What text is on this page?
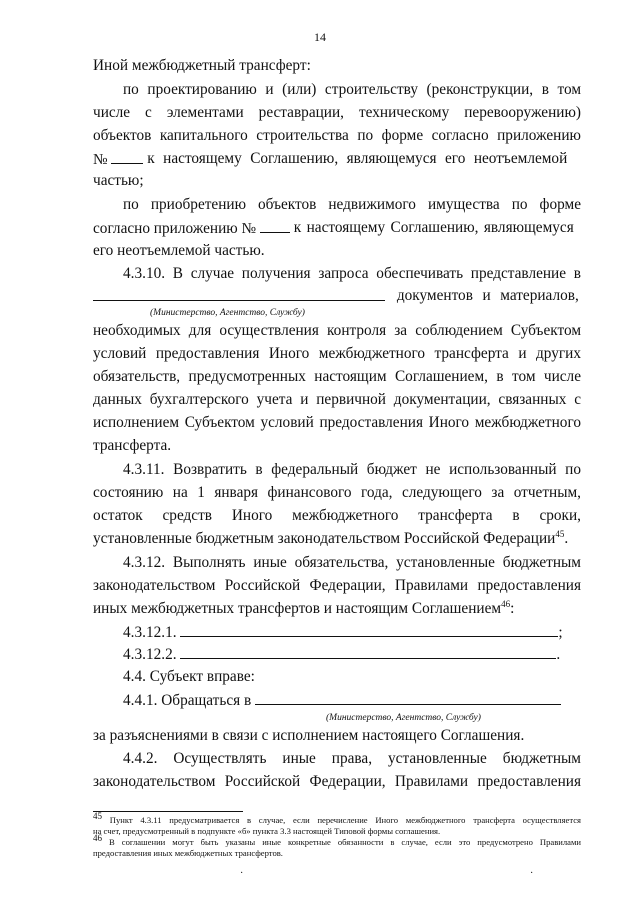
14
Иной межбюджетный трансферт:
по проектированию и (или) строительству (реконструкции, в том
числе с элементами реставрации, техническому перевооружению)
объектов капитального строительства по форме согласно приложению
№	к настоящему Соглашению, являющемуся его неотъемлемой
частью;
по приобретению объектов недвижимого имущества по форме
согласно приложению № к настоящему Соглашению, являющемуся
его неотъемлемой частью.
4.3.10. В случае получения запроса обеспечивать представление в
документов и материалов,
(Министерство, Агентство, Службу)
необходимых для осуществления контроля за соблюдением Субъектом
условий предоставления Иного межбюджетного трансферта и других
обязательств, предусмотренных настоящим Соглашением, в том числе
данных бухгалтерского учета и первичной документации, связанных с
исполнением Субъектом условий предоставления Иного межбюджетного
трансферта.
4.3.11. Возвратить в федеральный бюджет не использованный по
состоянию на 1 января финансового года, следующего за отчетным,
остаток средств Иного межбюджетного трансферта в сроки,
установленные бюджетным законодательством Российской Федерации$^{45}$.
4.3.12. Выполнять иные обязательства, установленные бюджетным
законодательством Российской Федерации, Правилами предоставления
иных межбюджетных трансфертов и настоящим Соглашением$^{46}$:
4.3.12.1.	;
4.3.12.2.	.
4.4. Субъект вправе:
4.4.1. Обращаться в
(Министерство, Агентство, Службу)
за разъяснениями в связи с исполнением настоящего Соглашения.
4.4.2. Осуществлять иные права, установленные бюджетным
законодательством Российской Федерации, Правилами предоставления
45 Пункт 4.3.11 предусматривается в случае, если перечисление Иного межбюджетного трансферта осуществляется
на счет, предусмотренный в подпункте «б» пункта 3.3 настоящей Типовой формы соглашения.
46 В соглашении могут быть указаны иные конкретные обязанности в случае, если это предусмотрено Правилами
предоставления иных межбюджетных трансфертов.
·	·
